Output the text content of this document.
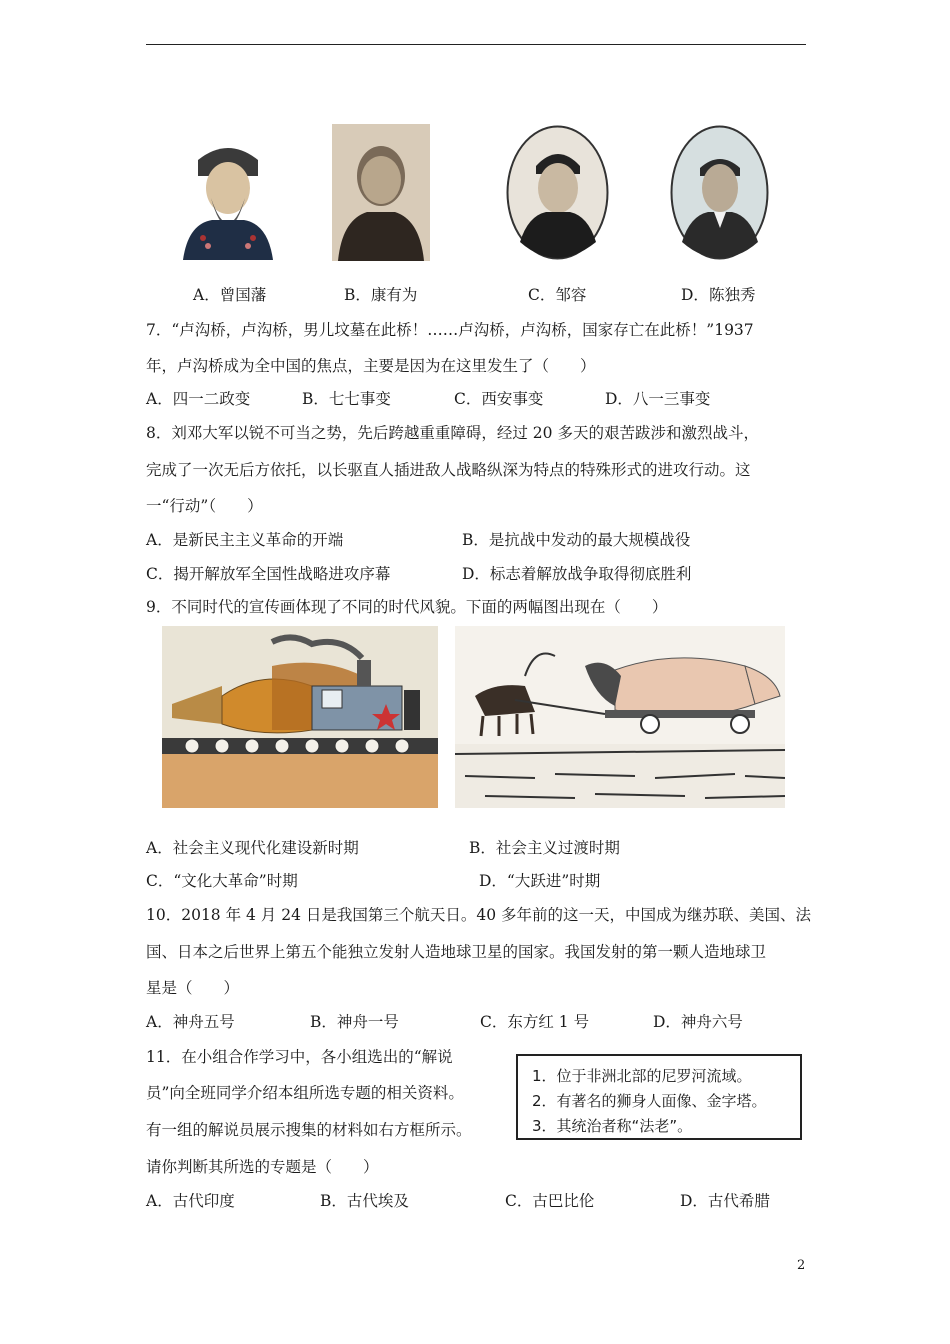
A．曾国藩	B．康有为	C．邹容	D．陈独秀
7．“卢沟桥，卢沟桥，男儿坟墓在此桥！……卢沟桥，卢沟桥，国家存亡在此桥！”1937
年，卢沟桥成为全中国的焦点，主要是因为在这里发生了（　　）
A．四一二政变	B．七七事变	C．西安事变	D．八一三事变
8．刘邓大军以锐不可当之势，先后跨越重重障碍，经过 20 多天的艰苦跋涉和激烈战斗，
完成了一次无后方依托，以长驱直人插进敌人战略纵深为特点的特殊形式的进攻行动。这
一“行动”（　　）
A．是新民主主义革命的开端	B．是抗战中发动的最大规模战役
C．揭开解放军全国性战略进攻序幕	D．标志着解放战争取得彻底胜利
9．不同时代的宣传画体现了不同的时代风貌。下面的两幅图出现在（　　）
A．社会主义现代化建设新时期	B．社会主义过渡时期
C．“文化大革命”时期	D．“大跃进”时期
10．2018 年 4 月 24 日是我国第三个航天日。40 多年前的这一天，中国成为继苏联、美国、法
国、日本之后世界上第五个能独立发射人造地球卫星的国家。我国发射的第一颗人造地球卫
星是（　　）
A．神舟五号	B．神舟一号	C．东方红 1 号	D．神舟六号
11．在小组合作学习中，各小组选出的“解说
员”向全班同学介绍本组所选专题的相关资料。
有一组的解说员展示搜集的材料如右方框所示。
请你判断其所选的专题是（　　）
1．位于非洲北部的尼罗河流域。
2．有著名的狮身人面像、金字塔。
3．其统治者称“法老”。
A．古代印度	B．古代埃及	C．古巴比伦	D．古代希腊
2
